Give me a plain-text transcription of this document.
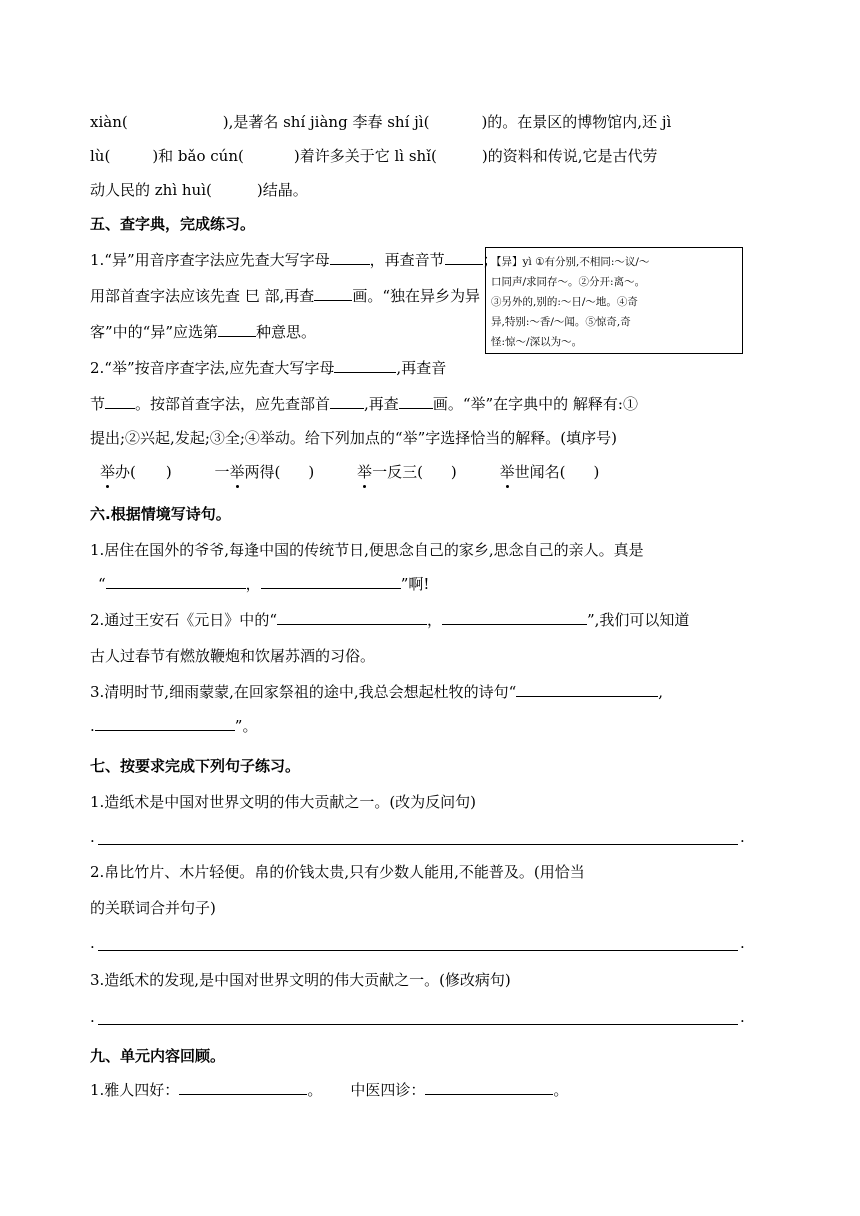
xiàn(	),是著名 shí jiàng 李春 shí jì(	)的。在景区的博物馆内,还 jì
lù(	)和 bǎo cún(	)着许多关于它 lì shǐ(	)的资料和传说,它是古代劳
动人民的 zhì huì(	)结晶。
五、查字典，完成练习。
1.“异”用音序查字法应先查大写字母	，再查音节	；
用部首查字法应该先查 巳 部,再查	画。“独在异乡为异
客”中的“异”应选第	种意思。
2.“举”按音序查字法,应先查大写字母	,再查音
节 。按部首查字法，应先查部首 ,再查 画。“举”在字典中的 解释有:①
提出;②兴起,发起;③全;④举动。给下列加点的“举”字选择恰当的解释。(填序号)
举办( )	一举两得( )	举一反三( )	举世闻名( )
六.根据情境写诗句。
1.居住在国外的爷爷,每逢中国的传统节日,便思念自己的家乡,思念自己的亲人。真是
“	，	”啊!
2.通过王安石《元日》中的“	，	”,我们可以知道
古人过春节有燃放鞭炮和饮屠苏酒的习俗。
3.清明时节,细雨蒙蒙,在回家祭祖的途中,我总会想起杜牧的诗句“	,
.	”。
七、按要求完成下列句子练习。
1.造纸术是中国对世界文明的伟大贡献之一。(改为反问句)
.	.
2.帛比竹片、木片轻便。帛的价钱太贵,只有少数人能用,不能普及。(用恰当
的关联词合并句子)
.	.
3.造纸术的发现,是中国对世界文明的伟大贡献之一。(修改病句)
.	.
九、单元内容回顾。
1.雅人四好：	。 中医四诊：	。
【异】yì ①有分别,不相同:～议/～
口同声/求同存～。②分开:离～。
③另外的,别的:～日/～地。④奇
异,特别:～香/～闻。⑤惊奇,奇
怪:惊～/深以为～。
